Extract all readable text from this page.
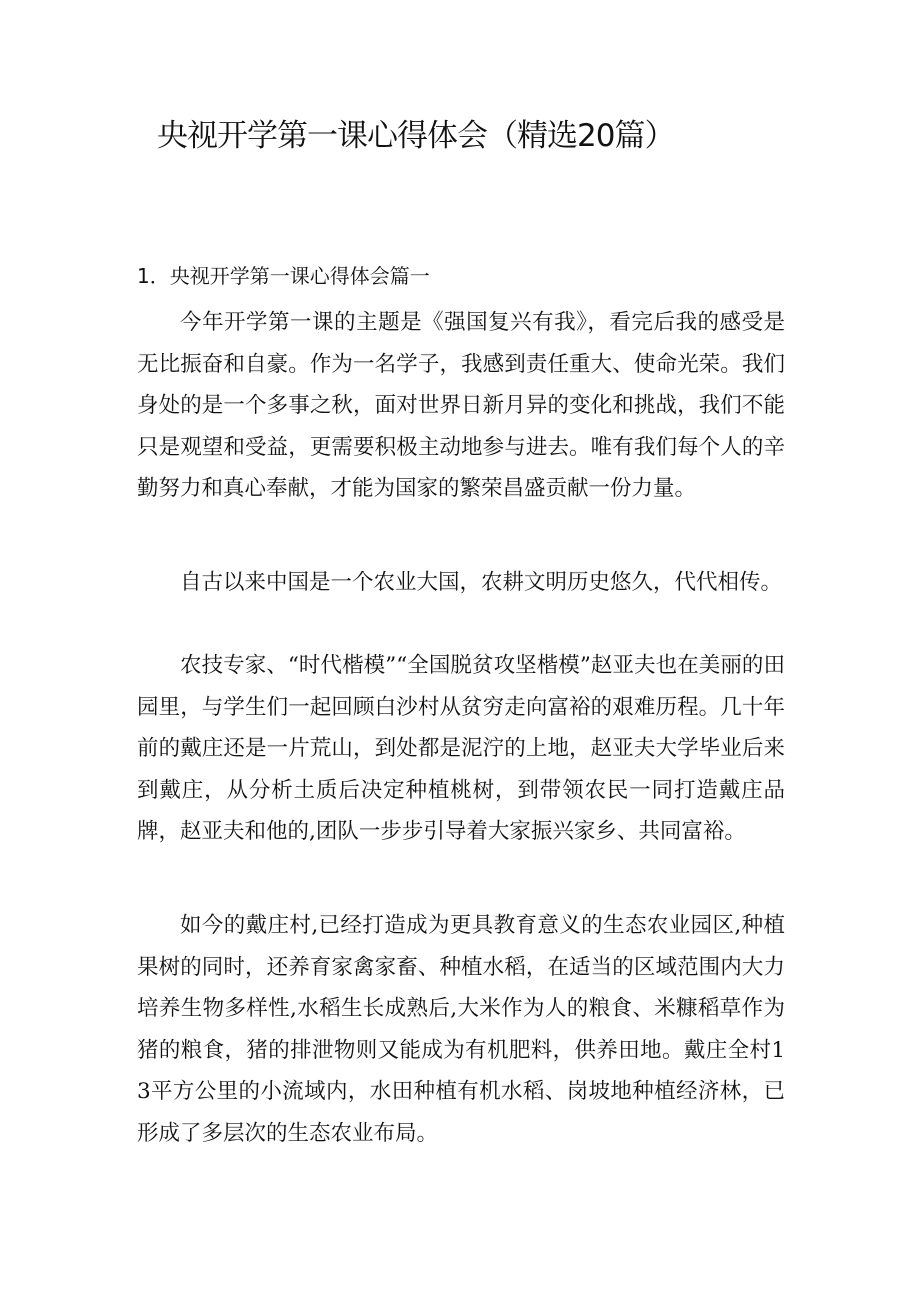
央视开学第一课心得体会（精选20篇）
1．央视开学第一课心得体会篇一

今年开学第一课的主题是《强国复兴有我》，看完后我的感受是无比振奋和自豪。作为一名学子，我感到责任重大、使命光荣。我们身处的是一个多事之秋，面对世界日新月异的变化和挑战，我们不能只是观望和受益，更需要积极主动地参与进去。唯有我们每个人的辛勤努力和真心奉献，才能为国家的繁荣昌盛贡献一份力量。

自古以来中国是一个农业大国，农耕文明历史悠久，代代相传。

农技专家、“时代楷模”“全国脱贫攻坚楷模”赵亚夫也在美丽的田园里，与学生们一起回顾白沙村从贫穷走向富裕的艰难历程。几十年前的戴庄还是一片荒山，到处都是泥泞的上地，赵亚夫大学毕业后来到戴庄，从分析土质后决定种植桃树，到带领农民一同打造戴庄品牌，赵亚夫和他的,团队一步步引导着大家振兴家乡、共同富裕。

如今的戴庄村,已经打造成为更具教育意义的生态农业园区,种植果树的同时，还养育家禽家畜、种植水稻，在适当的区域范围内大力培养生物多样性,水稻生长成熟后,大米作为人的粮食、米糠稻草作为猪的粮食，猪的排泄物则又能成为有机肥料，供养田地。戴庄全村13平方公里的小流域内，水田种植有机水稻、岗坡地种植经济林，已形成了多层次的生态农业布局。
